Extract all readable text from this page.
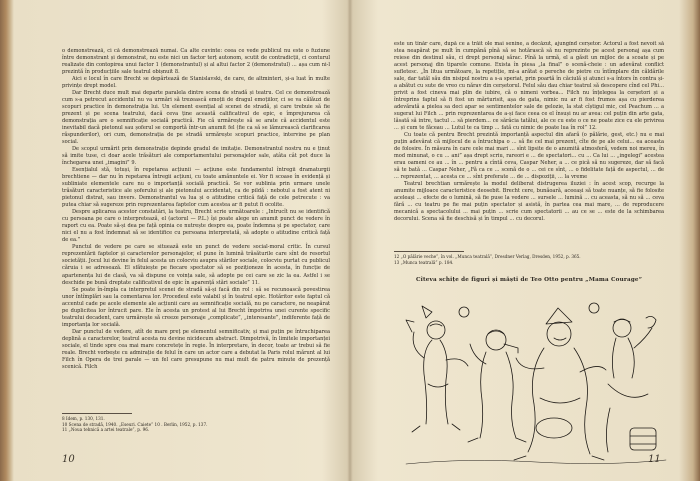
o demonstrează, ci că demonstrează numai. Ca alte cuvinte: ceea ce vede publicul nu este o fuziune între demonstrant și demonstrat, nu este nici un factor terț autonom, scutit de contradicții, ci conturul realizate din contopirea unui factor 1 (demonstrantul) și al altui factor 2 (demonstratul) ... așa cum ni-l prezintă în producțiile sale teatrul obișnuit 8.

Aici e locul în care Brecht se depărtează de Stanislavski, de care, de altminteri, și-a luat în multe privințe drept model.

Dar Brecht duce mult mai departe paralela dintre scena de stradă și teatru. Cel ce demonstrează cum s-a petrecut accidentul nu va urmări să trezească emoții de dragul emoțiilor, ci se va călăuzi de scopuri practice în demonstrația lui. Un element esențial al scenei de stradă, și care trebuie să fie prezent și pe scena teatrului, dacă ceva ține această calificativul de epic, e împrejurarea că demonstrația are o semnificație socială practică. Fie că urmărește să se arate că accidentul este inevitabil dacă pietonul sau șoferul se comportă într-un anumit fel (fie ca să se lămurească clarificarea răspunderilor), ori cum, demonstrația de pe stradă urmărește scopuri practice, intervine pe plan social.

De scopul urmărit prin demonstrație depinde gradul de imitație. Demonstrantul nostru nu e ținut să imite tuse, ci doar acele trăsături ale comportamentului personajelor sale, atâta cât pot duce la închegarea unei „imagini” 9.

Esențialul stă, totuși, în repetarea acțiunii — acțiune este fundamentul întregii dramaturgii brechtiene — dar nu în repetarea întregii acțiuni, cu toate amănuntele ei. Vor fi scoase în evidență și subliniate elementele care nu o importanță socială practică. Se vor sublinia prin urmare unele trăsături caracteristice ale șoferului și ale pietonului accidentat, ca de pildă : nebotul a fost atent ni pietonul distrat, sau invers. Demonstrantul va lua și o atitudine critică față de cele petrecute : va putea chiar să sugereze prin reprezentarea faptelor cum acestea ar fi putut fi ocolite.

Despre aplicarea acestor constatări, la teatru, Brecht scrie următoarele : „Intrucît nu se identifică cu persoana pe care o interpretează, el (actorul — P.L.) își poate alege un anumit punct de vedere în raport cu ea. Poate să-și dea pe față opinia ce nutrește despre ea, poate îndemna și pe spectator, care nici el nu a fost îndemnat să se identifice cu persoana interpretată, să adopte o atitudine critică față de ea.”

Punctul de vedere pe care se situează este un punct de vedere social-moral critic. În cursul reprezentării faptelor și caracterelor personajelor, el pune în lumină trăsăturile care sînt de resortul societății. Jocul lui devine în felul acesta un colocviu asupra stărilor sociale, colocviu purtat cu publicul căruia i se adresează. El sfătuiește pe fiecare spectator să se poziționeze în acesta, în funcție de apartenența lui de clasă, va să dispune ce voința sale, să adopte pe cei care se zic la ea. Astfel i se deschide pe bună dreptate calificativul de epic în aparență stări sociale” 11.

Se poate în-împla ca interpretul scenei de stradă să-și facă din rol : să se recunoască povestirea unor întîmplări sau la comentarea lor. Procedeul este valabil și în teatrul epic. Hotăritor este faptul că accentul cade pe acele elemente ale acțiunii care au semnificație socială, nu pe caractere, ne neapărat pe duplicitea lor întrucit pare. Ele în acesta un protest al lui Brecht împotriva unei curente specific teatrului decadent, care urmărește să creeze personaje „complicate”, „interesante”, indiferente față de importanța lor socială.

Dar punctul de vedere, atît de mare preț pe elementul semnificativ, și mai puțin pe întruchiparea deplină a caracterelor, teatrul acesta nu devine nicidecum abstract. Dimpotrivă, în limitele importanței sociale, el tinde spre cea mai mare concretețe în regie. În interpretare, în decor, toate ar trebui să fie reale. Brecht vorbește cu admirație de felul în care un actor care a debutat la Paris rolul mărunt al lui Filch în Opera de trei parale — un fel care presupune nu mai mult de patru minute de prezență scenică. Filch

8 Idem, p. 130, 131.
10 Scena de stradă, 1940. „Eseuri. Caiete” 10 . Berlin, 1952, p. 137.
11 „Noua tehnică a artei teatrale”, p. 96.
10

este un tînăr care, după ce a trăit ole mai senine, a decăzut, ajungînd cerșetor. Actorul a fost nevoit să stea neapărat pe mult în cumpănă pînă să se hotărască să nu reprezinte pe acest personaj așa cum reiese din destinul său, ci drept personaj sărac. Pînă la urmă, el a găsit un mijloc de a scoate și pe acest personaj din tiparele comune. Exista în piesa „la final” o scenă-cheie : un adevărat conflict sufletesc. „În litua următoare, la repetiție, mi-a arătat o pereche de pietre cu întîmplare din căldările sale, dar tatăl său din nisipul nostru a s-a speriat, prin poartă în căciulă și atunci s-a întors în contra și-a abătut cu sute de vreo cu nărav din cerșetorul. Felul său dau chiar teatrul să descopere cînd cel Phi... privit a fost cineva mai plin de iubire, că o nimeni vorbea... Filch nu înțelegea la cerșetori și a întreprins faptul să fi fost un mărturisit, așa de gata, nimic nu ar fi fost frumos așa cu pierderea adevărată a pielea sa deci apar se sentimentelor sale de gelozie, la stat cîștigul mic, cel Peachum ... a sugerat lui Filch ... prin reprezentarea de a-și face ceea ce el însuși nu ar avea: cel puțin din arte gata, lăsată să intre, tactul ... să pierdem... ce sărăcia tatălui, ale ce cu este o ce ne poate zice cu ele privirea ... și cum te făceau ... Lutul te ca timp ... fată cu nimic de poate lua în rol” 12.

Cu toate că pentru Brecht prezintă importanță aspectul din afară (o pălărie, gest, etc.) nu e mai puțin adevărat că mijlocul de a întruchipa o ... să fie cel mai prezent, cîte de pe ale celui... ea aceasta de folosire. În măsura în care cele mai mari ... sînt lipsite de o anumită atmosferă, vedem noi mereu, în mod minunat, o cu ... ani” așa drept scriu, rareori e ... de spectatori... cu ... Ca lui ... „ingelegi” acestea erau oameni ce au ... în ... pentru a cîntă ceva, Caspar Neher, a ... ce pică să nu sugereze, dar să facă să te bată ... Caspar Neher, „Fă ca ce ... scenă de o ... cei ce sînt, ... o fidelitate față de aspectul, ... de ... reprezentat, ... acesta ce ... sînt preferate ... de ... dispoziții, ... la vreme

Teatrul brechtian urmărește la modul deliberat distrugerea iluziei : în acest scop, recurge la anumite mijloace caracteristice deosebit. Brecht cere, bunăoară, aceeași să toate nuanțe, să fie folosite aceleași ... efecte de o lumină, să fie puse la vedere ... sursele ... lumină ... cu aceasta, să nu să ... ceva fără ... cu teatru pe fie mai puțin spectator și asistă, în partea cea mai mare, ... de reproducere mecanică a spectacolului ... mai puțin ... scrie cum spectatorii ... au ce se ... este de la schimbarea decorului. Scena să fie deschisă și în timpul ... cu decorul.

12 „O pălărie veche”, în vol. „Munca teatrală”, Dresdner Verlag, Dresden, 1952, p. 365.
13 „Munca teatrală” p. 184.
Cîteva schițe de figuri și măști de Teo Otto pentru „Mama Courage”
11
